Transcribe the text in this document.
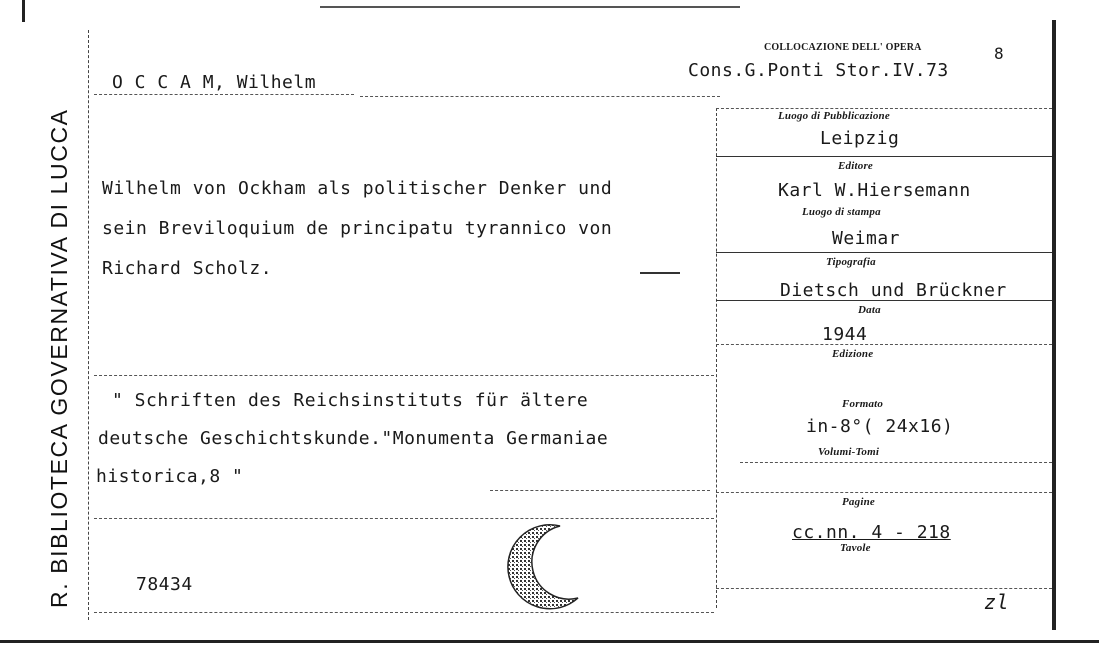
R. BIBLIOTECA GOVERNATIVA DI LUCCA
O C C A M, Wilhelm
COLLOCAZIONE DELL' OPERA
Cons.G.Ponti Stor.IV.73
8
Wilhelm von Ockham als politischer Denker und
sein Breviloquium de principatu tyrannico von
Richard Scholz.
" Schriften des Reichsinstituts für ältere
deutsche Geschichtskunde."Monumenta Germaniae
historica,8 "
78434
Luogo di Pubblicazione
Leipzig
Editore
Karl W.Hiersemann
Luogo di stampa
Weimar
Tipografia
Dietsch und Brückner
Data
1944
Edizione
Formato
in-8°( 24x16)
Volumi-Tomi
Pagine
cc.nn. 4 - 218
Tavole
zl
